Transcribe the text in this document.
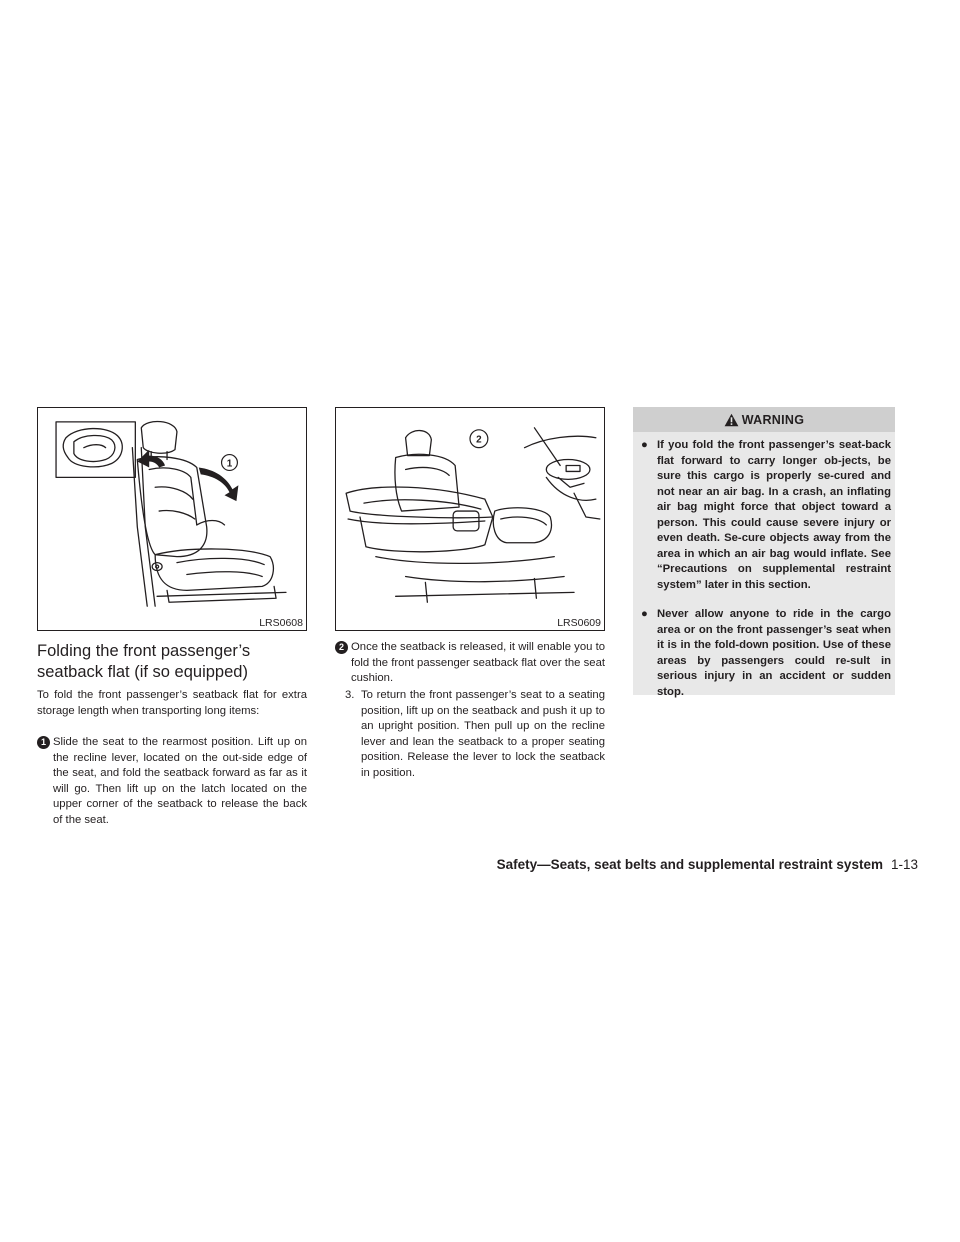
1
LRS0608
2
LRS0609
Folding the front passenger’s seatback flat (if so equipped)

To fold the front passenger’s seatback flat for extra storage length when transporting long items:

1 Slide the seat to the rearmost position. Lift up on the recline lever, located on the out-side edge of the seat, and fold the seatback forward as far as it will go. Then lift up on the latch located on the upper corner of the seatback to release the back of the seat.
2 Once the seatback is released, it will enable you to fold the front passenger seatback flat over the seat cushion.
3. To return the front passenger’s seat to a seating position, lift up on the seatback and push it up to an upright position. Then pull up on the recline lever and lean the seatback to a proper seating position. Release the lever to lock the seatback in position.
WARNING
● If you fold the front passenger’s seat-back flat forward to carry longer ob-jects, be sure this cargo is properly se-cured and not near an air bag. In a crash, an inflating air bag might force that object toward a person. This could cause severe injury or even death. Se-cure objects away from the area in which an air bag would inflate. See “Precautions on supplemental restraint system” later in this section.
● Never allow anyone to ride in the cargo area or on the front passenger’s seat when it is in the fold-down position. Use of these areas by passengers could re-sult in serious injury in an accident or sudden stop.
Safety—Seats, seat belts and supplemental restraint system 1-13
